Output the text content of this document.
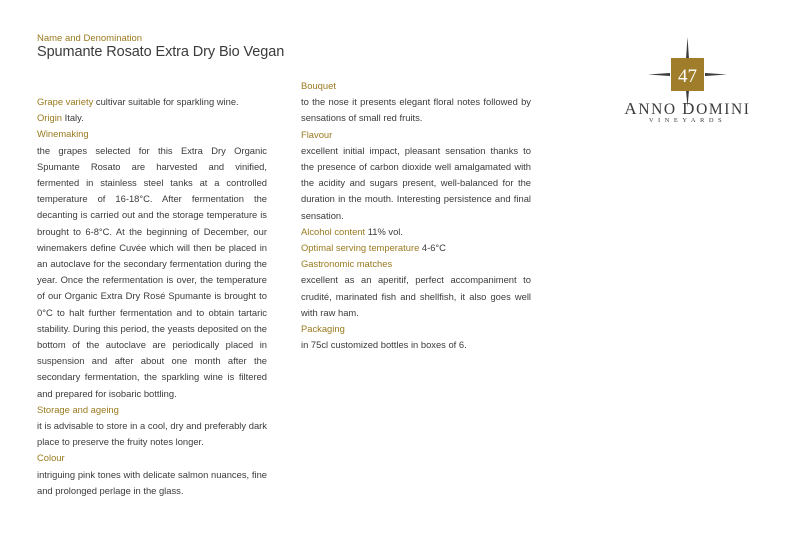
Name and Denomination
Spumante Rosato Extra Dry Bio Vegan

Grape variety cultivar suitable for sparkling wine.

Origin Italy.

Winemaking

the grapes selected for this Extra Dry Organic Spumante Rosato are harvested and vinified, fermented in stainless steel tanks at a controlled temperature of 16-18°C. After fermentation the decanting is carried out and the storage temperature is brought to 6-8°C. At the beginning of December, our winemakers define Cuvée which will then be placed in an autoclave for the secondary fermentation during the year. Once the refermentation is over, the temperature of our Organic Extra Dry Rosé Spumante is brought to 0°C to halt further fermentation and to obtain tartaric stability. During this period, the yeasts deposited on the bottom of the autoclave are periodically placed in suspension and after about one month after the secondary fermentation, the sparkling wine is filtered and prepared for isobaric bottling.

Storage and ageing

it is advisable to store in a cool, dry and preferably dark place to preserve the fruity notes longer.

Colour

intriguing pink tones with delicate salmon nuances, fine and prolonged perlage in the glass.

Bouquet

to the nose it presents elegant floral notes followed by sensations of small red fruits.

Flavour

excellent initial impact, pleasant sensation thanks to the presence of carbon dioxide well amalgamated with the acidity and sugars present, well-balanced for the duration in the mouth. Interesting persistence and final sensation.

Alcohol content 11% vol.

Optimal serving temperature 4-6°C

Gastronomic matches

excellent as an aperitif, perfect accompaniment to crudité, marinated fish and shellfish, it also goes well with raw ham.

Packaging

in 75cl customized bottles in boxes of 6.

47
ANNO DOMINI
VINEYARDS
